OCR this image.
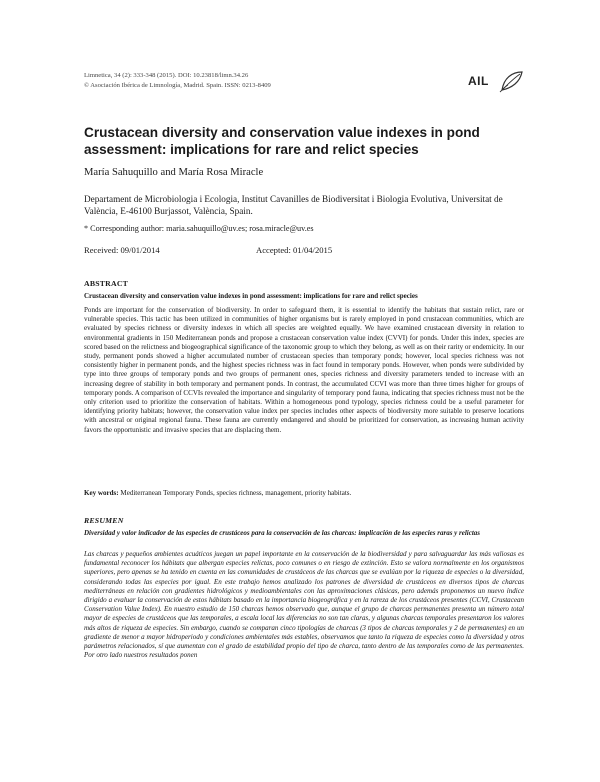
Limnetica, 34 (2): 333-348 (2015). DOI: 10.23818/limn.34.26
© Asociación Ibérica de Limnología, Madrid. Spain. ISSN: 0213-8409	AIL
Crustacean diversity and conservation value indexes in pond assessment: implications for rare and relict species
María Sahuquillo and María Rosa Miracle
Departament de Microbiologia i Ecologia, Institut Cavanilles de Biodiversitat i Biologia Evolutiva, Universitat de València, E-46100 Burjassot, València, Spain.
* Corresponding author: maria.sahuquillo@uv.es; rosa.miracle@uv.es
Received: 09/01/2014	Accepted: 01/04/2015
ABSTRACT
Crustacean diversity and conservation value indexes in pond assessment: implications for rare and relict species
Ponds are important for the conservation of biodiversity. In order to safeguard them, it is essential to identify the habitats that sustain relict, rare or vulnerable species. This tactic has been utilized in communities of higher organisms but is rarely employed in pond crustacean communities, which are evaluated by species richness or diversity indexes in which all species are weighted equally. We have examined crustacean diversity in relation to environmental gradients in 150 Mediterranean ponds and propose a crustacean conservation value index (CVVI) for ponds. Under this index, species are scored based on the relictness and biogeographical significance of the taxonomic group to which they belong, as well as on their rarity or endemicity. In our study, permanent ponds showed a higher accumulated number of crustacean species than temporary ponds; however, local species richness was not consistently higher in permanent ponds, and the highest species richness was in fact found in temporary ponds. However, when ponds were subdivided by type into three groups of temporary ponds and two groups of permanent ones, species richness and diversity parameters tended to increase with an increasing degree of stability in both temporary and permanent ponds. In contrast, the accumulated CCVI was more than three times higher for groups of temporary ponds. A comparison of CCVIs revealed the importance and singularity of temporary pond fauna, indicating that species richness must not be the only criterion used to prioritize the conservation of habitats. Within a homogeneous pond typology, species richness could be a useful parameter for identifying priority habitats; however, the conservation value index per species includes other aspects of biodiversity more suitable to preserve locations with ancestral or original regional fauna. These fauna are currently endangered and should be prioritized for conservation, as increasing human activity favors the opportunistic and invasive species that are displacing them.
Key words: Mediterranean Temporary Ponds, species richness, management, priority habitats.
RESUMEN
Diversidad y valor indicador de las especies de crustáceos para la conservación de las charcas: implicación de las especies raras y relictas
Las charcas y pequeños ambientes acuáticos juegan un papel importante en la conservación de la biodiversidad y para salvaguardar las más valiosas es fundamental reconocer los hábitats que albergan especies relictas, poco comunes o en riesgo de extinción. Esto se valora normalmente en los organismos superiores, pero apenas se ha tenido en cuenta en las comunidades de crustáceos de las charcas que se evalúan por la riqueza de especies o la diversidad, considerando todas las especies por igual. En este trabajo hemos analizado los patrones de diversidad de crustáceos en diversos tipos de charcas mediterráneas en relación con gradientes hidrológicos y medioambientales con las aproximaciones clásicas, pero además proponemos un nuevo índice dirigido a evaluar la conservación de estos hábitats basado en la importancia biogeográfica y en la rareza de los crustáceos presentes (CCVI, Crustacean Conservation Value Index). En nuestro estudio de 150 charcas hemos observado que, aunque el grupo de charcas permanentes presenta un número total mayor de especies de crustáceos que las temporales, a escala local las diferencias no son tan claras, y algunas charcas temporales presentaron los valores más altos de riqueza de especies. Sin embargo, cuando se comparan cinco tipologías de charcas (3 tipos de charcas temporales y 2 de permanentes) en un gradiente de menor a mayor hidroperiodo y condiciones ambientales más estables, observamos que tanto la riqueza de especies como la diversidad y otros parámetros relacionados, sí que aumentan con el grado de estabilidad propio del tipo de charca, tanto dentro de las temporales como de las permanentes. Por otro lado nuestros resultados ponen
